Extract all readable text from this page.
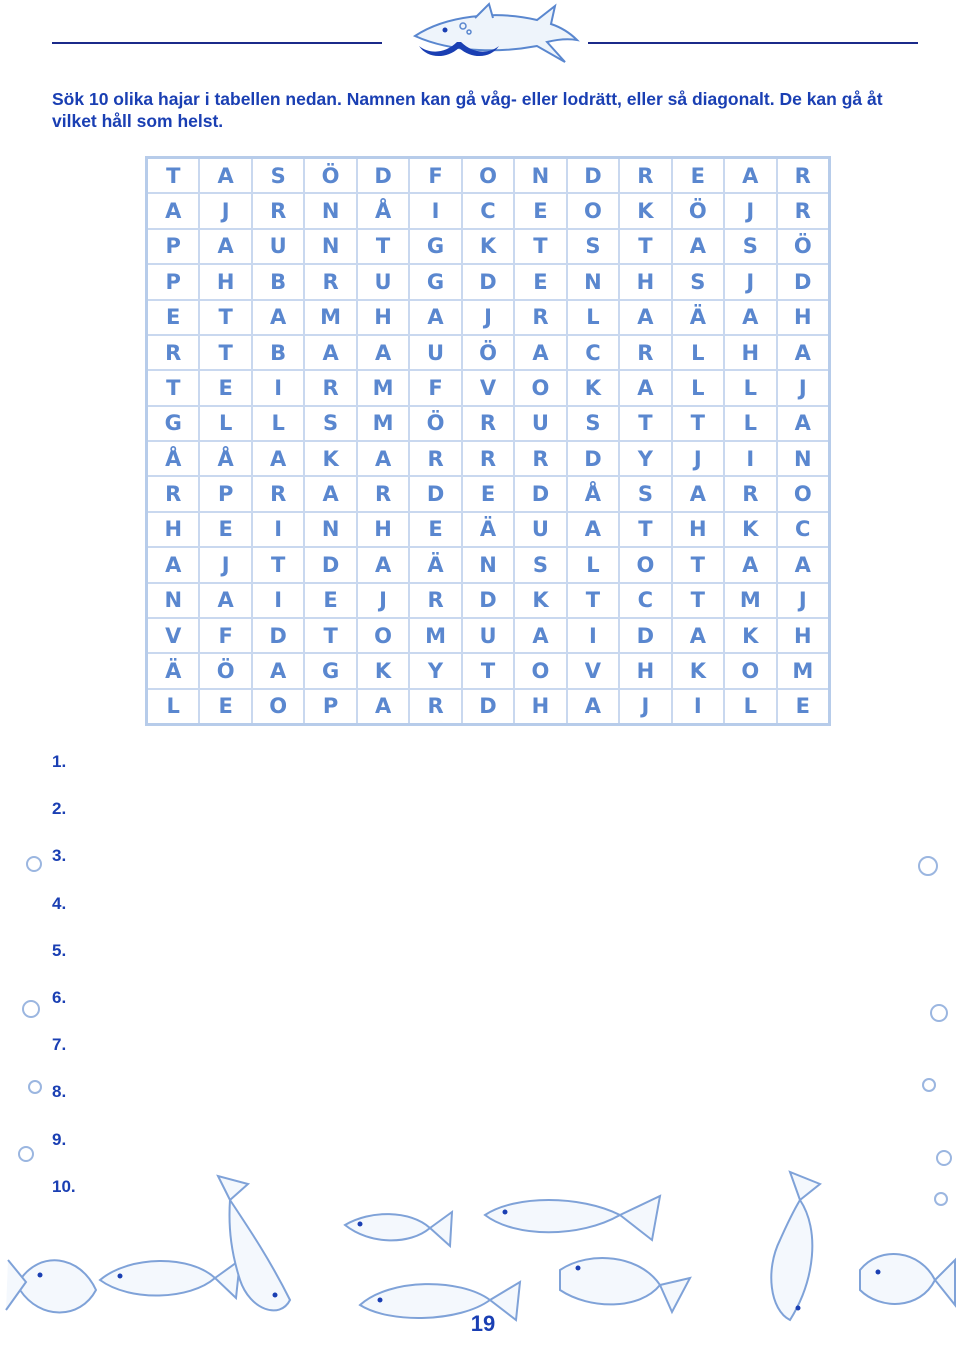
Sök 10 olika hajar i tabellen nedan. Namnen kan gå våg- eller lodrätt, eller så diagonalt. De kan gå åt vilket håll som helst.
T	A	S	Ö	D	F	O	N	D	R	E	A	R
A	J	R	N	Å	I	C	E	O	K	Ö	J	R
P	A	U	N	T	G	K	T	S	T	A	S	Ö
P	H	B	R	U	G	D	E	N	H	S	J	D
E	T	A	M	H	A	J	R	L	A	Ä	A	H
R	T	B	A	A	U	Ö	A	C	R	L	H	A
T	E	I	R	M	F	V	O	K	A	L	L	J
G	L	L	S	M	Ö	R	U	S	T	T	L	A
Å	Å	A	K	A	R	R	R	D	Y	J	I	N
R	P	R	A	R	D	E	D	Å	S	A	R	O
H	E	I	N	H	E	Ä	U	A	T	H	K	C
A	J	T	D	A	Ä	N	S	L	O	T	A	A
N	A	I	E	J	R	D	K	T	C	T	M	J
V	F	D	T	O	M	U	A	I	D	A	K	H
Ä	Ö	A	G	K	Y	T	O	V	H	K	O	M
L	E	O	P	A	R	D	H	A	J	I	L	E
1.
2.
3.
4.
5.
6.
7.
8.
9.
10.
19
